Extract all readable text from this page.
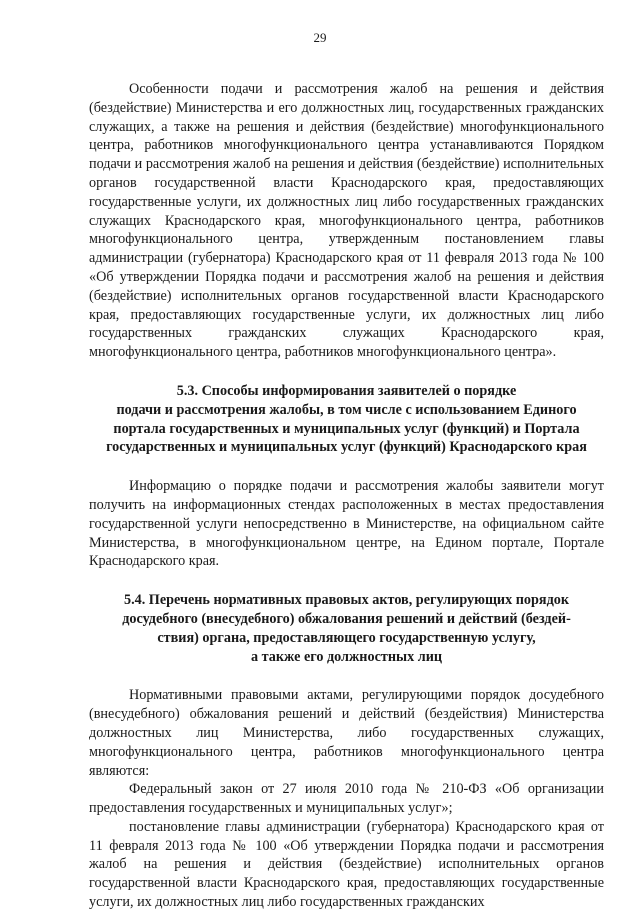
29

Особенности подачи и рассмотрения жалоб на решения и действия (бездействие) Министерства и его должностных лиц, государственных гражданских служащих, а также на решения и действия (бездействие) многофункционального центра, работников многофункционального центра устанавливаются Порядком подачи и рассмотрения жалоб на решения и действия (бездействие) исполнительных органов государственной власти Краснодарского края, предоставляющих государственные услуги, их должностных лиц либо государственных гражданских служащих Краснодарского края, многофункционального центра, работников многофункционального центра, утвержденным постановлением главы администрации (губернатора) Краснодарского края от 11 февраля 2013 года № 100 «Об утверждении Порядка подачи и рассмотрения жалоб на решения и действия (бездействие) исполнительных органов государственной власти Краснодарского края, предоставляющих государственные услуги, их должностных лиц либо государственных гражданских служащих Краснодарского края, многофункционального центра, работников многофункционального центра».

5.3. Способы информирования заявителей о порядке
подачи и рассмотрения жалобы, в том числе с использованием Единого
портала государственных и муниципальных услуг (функций) и Портала
государственных и муниципальных услуг (функций) Краснодарского края

Информацию о порядке подачи и рассмотрения жалобы заявители могут получить на информационных стендах расположенных в местах предоставления государственной услуги непосредственно в Министерстве, на официальном сайте Министерства, в многофункциональном центре, на Едином портале, Портале Краснодарского края.

5.4. Перечень нормативных правовых актов, регулирующих порядок
досудебного (внесудебного) обжалования решений и действий (бездей-
ствия) органа, предоставляющего государственную услугу,
а также его должностных лиц

Нормативными правовыми актами, регулирующими порядок досудебного (внесудебного) обжалования решений и действий (бездействия) Министерства должностных лиц Министерства, либо государственных служащих, многофункционального центра, работников многофункционального центра являются:

Федеральный закон от 27 июля 2010 года № 210-ФЗ «Об организации предоставления государственных и муниципальных услуг»;

постановление главы администрации (губернатора) Краснодарского края от 11 февраля 2013 года № 100 «Об утверждении Порядка подачи и рассмотрения жалоб на решения и действия (бездействие) исполнительных органов государственной власти Краснодарского края, предоставляющих государственные услуги, их должностных лиц либо государственных гражданских
